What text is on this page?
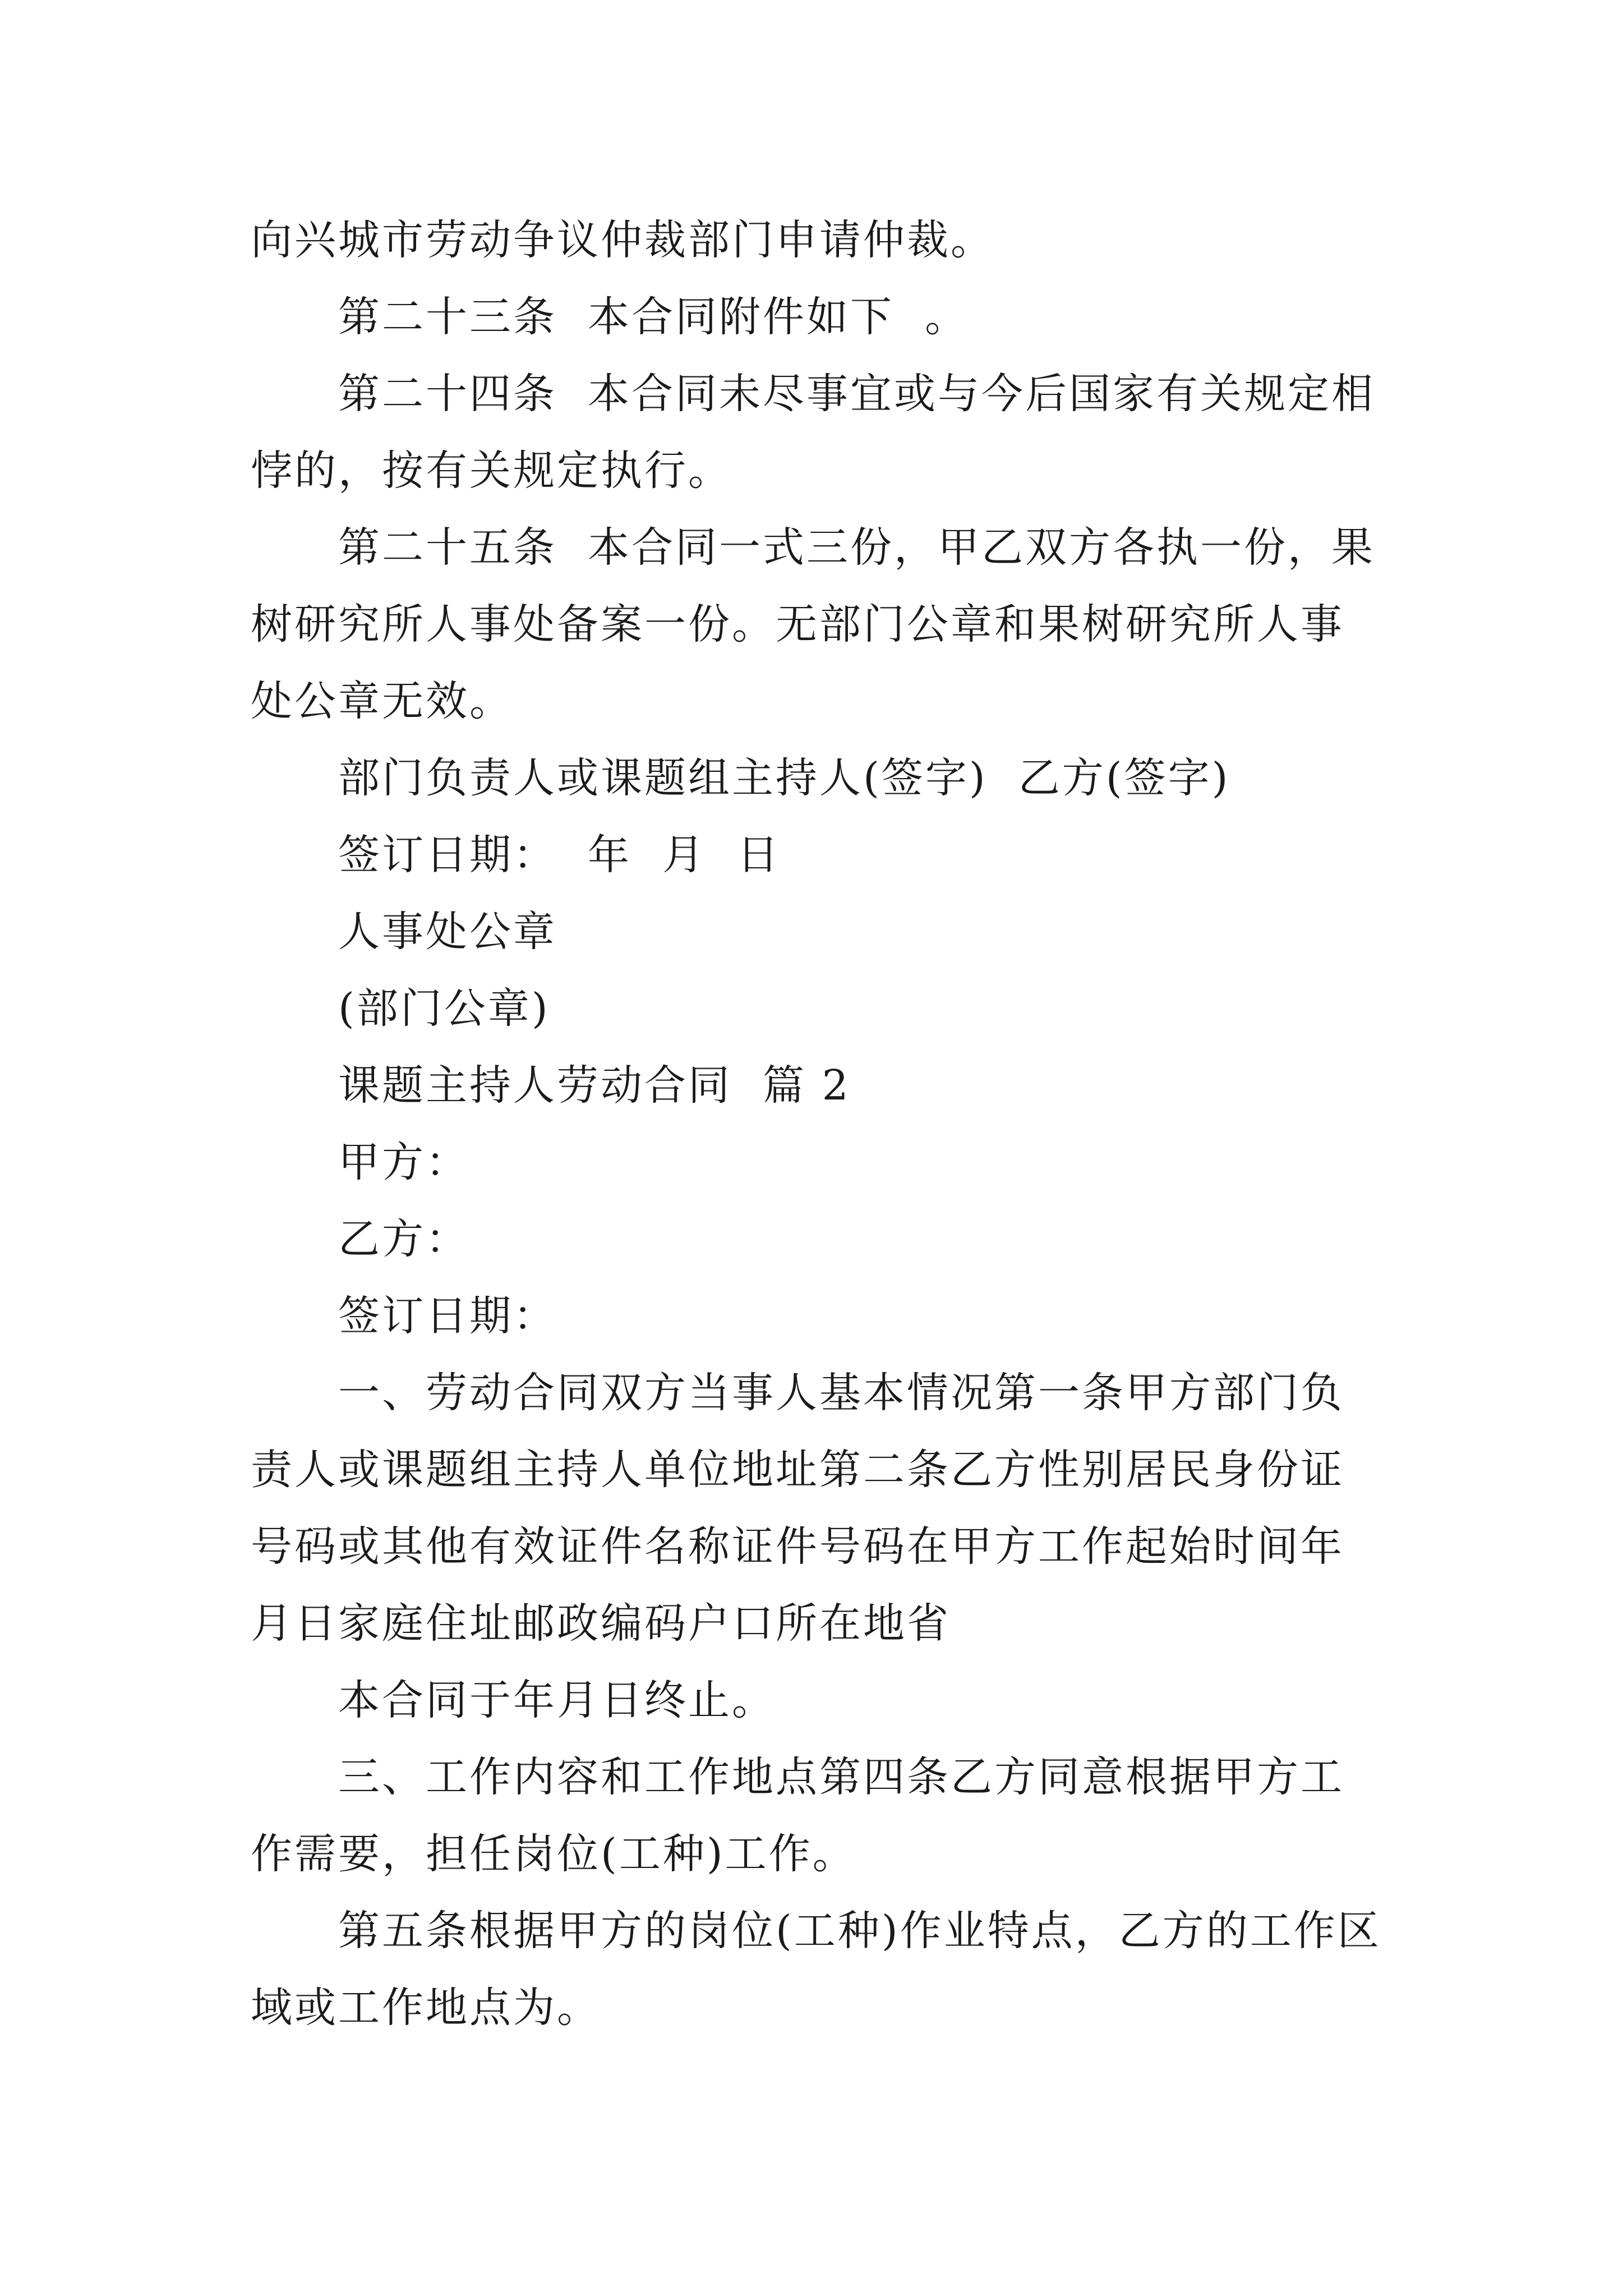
向兴城市劳动争议仲裁部门申请仲裁。

第二十三条  本合同附件如下  。

第二十四条  本合同未尽事宜或与今后国家有关规定相悖的，按有关规定执行。

第二十五条  本合同一式三份，甲乙双方各执一份，果树研究所人事处备案一份。无部门公章和果树研究所人事处公章无效。

部门负责人或课题组主持人(签字)  乙方(签字)

签订日期：  年  月  日

人事处公章

(部门公章)

课题主持人劳动合同  篇 2

甲方：

乙方：

签订日期：

一、劳动合同双方当事人基本情况第一条甲方部门负责人或课题组主持人单位地址第二条乙方性别居民身份证号码或其他有效证件名称证件号码在甲方工作起始时间年月日家庭住址邮政编码户口所在地省

本合同于年月日终止。

三、工作内容和工作地点第四条乙方同意根据甲方工作需要，担任岗位(工种)工作。

第五条根据甲方的岗位(工种)作业特点，乙方的工作区域或工作地点为。
